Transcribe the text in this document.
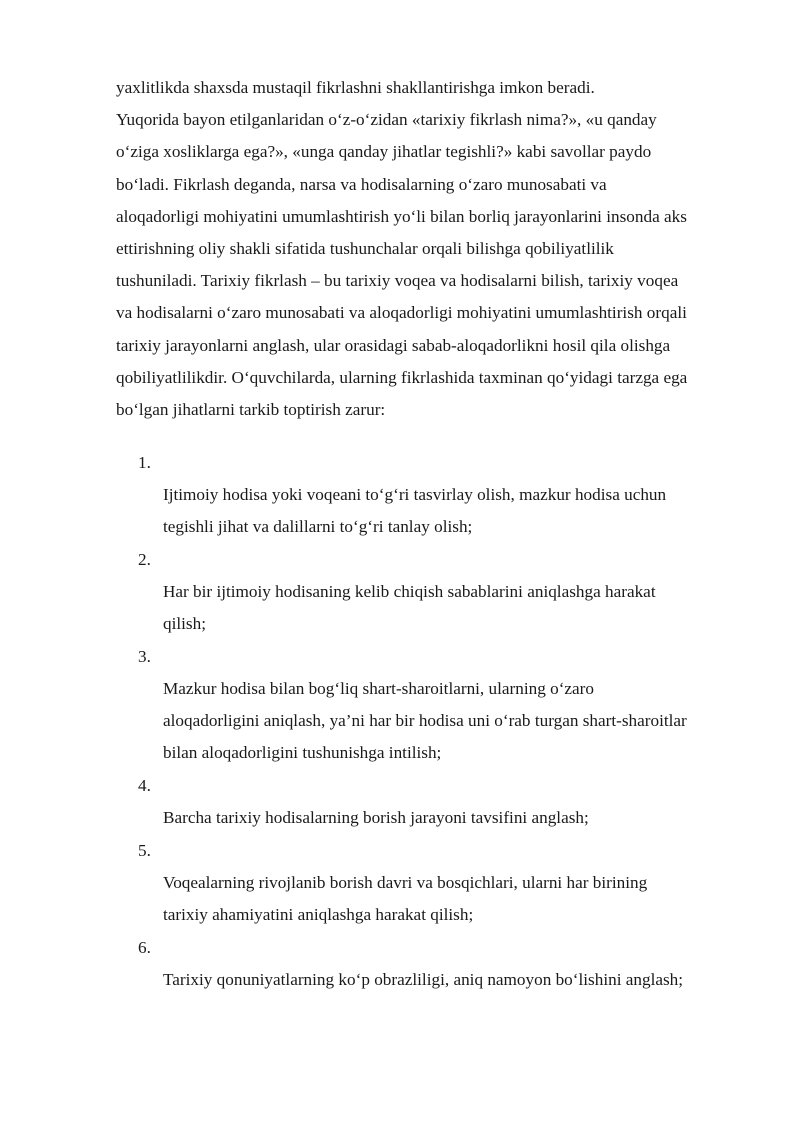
yaxlitlikda shaxsda mustaqil fikrlashni shakllantirishga imkon beradi.
Yuqorida bayon etilganlaridan o‘z-o‘zidan «tarixiy fikrlash nima?», «u qanday
o‘ziga xosliklarga ega?», «unga qanday jihatlar tegishli?» kabi savollar paydo
bo‘ladi. Fikrlash deganda, narsa va hodisalarning o‘zaro munosabati va
aloqadorligi mohiyatini umumlashtirish yo‘li bilan borliq jarayonlarini insonda aks
ettirishning oliy shakli sifatida tushunchalar orqali bilishga qobiliyatlilik
tushuniladi. Tarixiy fikrlash – bu tarixiy voqea va hodisalarni bilish, tarixiy voqea
va hodisalarni o‘zaro munosabati va aloqadorligi mohiyatini umumlashtirish orqali
tarixiy jarayonlarni anglash, ular orasidagi sabab-aloqadorlikni hosil qila olishga
qobiliyatlilikdir. O‘quvchilarda, ularning fikrlashida taxminan qo‘yidagi tarzga ega
bo‘lgan jihatlarni tarkib toptirish zarur:
1.
Ijtimoiy hodisa yoki voqeani to‘g‘ri tasvirlay olish, mazkur hodisa uchun
tegishli jihat va dalillarni to‘g‘ri tanlay olish;
2.
Har bir ijtimoiy hodisaning kelib chiqish sabablarini aniqlashga harakat
qilish;
3.
Mazkur hodisa bilan bog‘liq shart-sharoitlarni, ularning o‘zaro
aloqadorligini aniqlash, ya’ni har bir hodisa uni o‘rab turgan shart-sharoitlar
bilan aloqadorligini tushunishga intilish;
4.
Barcha tarixiy hodisalarning borish jarayoni tavsifini anglash;
5.
Voqealarning rivojlanib borish davri va bosqichlari, ularni har birining
tarixiy ahamiyatini aniqlashga harakat qilish;
6.
Tarixiy qonuniyatlarning ko‘p obrazliligi, aniq namoyon bo‘lishini anglash;
